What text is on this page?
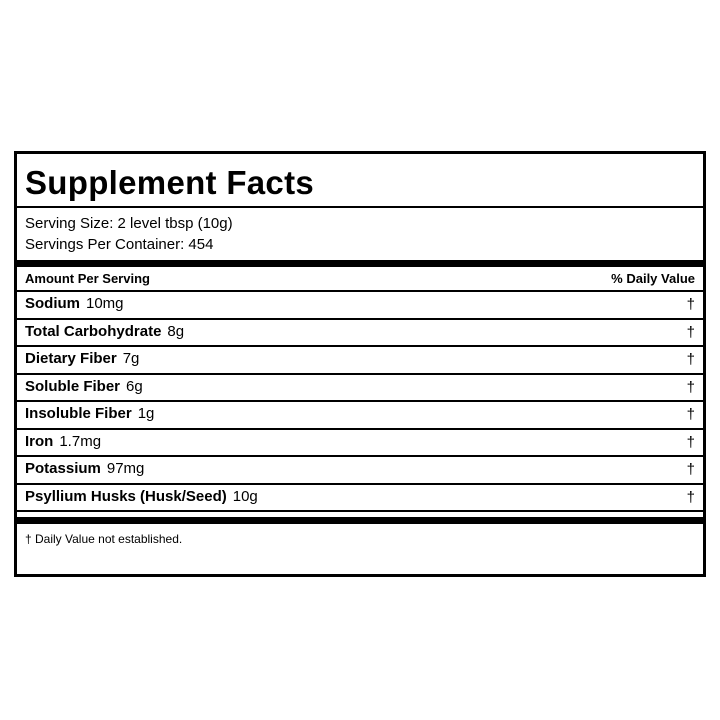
Supplement Facts
Serving Size: 2 level tbsp (10g)
Servings Per Container: 454
Amount Per Serving	% Daily Value
Sodium 10mg	†
Total Carbohydrate 8g	†
Dietary Fiber 7g	†
Soluble Fiber 6g	†
Insoluble Fiber 1g	†
Iron 1.7mg	†
Potassium 97mg	†
Psyllium Husks (Husk/Seed) 10g	†
† Daily Value not established.
